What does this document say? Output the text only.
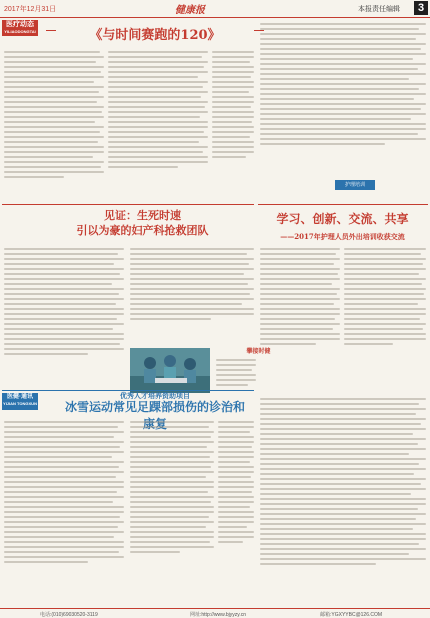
2017年12月31日	健康报	本报责任编辑	3
医疗动态
YILIAODONGTAI	《与时间赛跑的120》
护理培训
见证：生死时速
引以为豪的妇产科抢救团队
攀接时健
学习、创新、交流、共享
——2017年护理人员外出培训收获交流
医健·通讯
YIJIAN TONGXUN
优秀人才培养资助项目
冰雪运动常见足踝部损伤的诊治和康复
电话:(010)69030520-3119	网址:http://www.bjyyzy.cn	邮箱:YGXYYBC@126.COM
